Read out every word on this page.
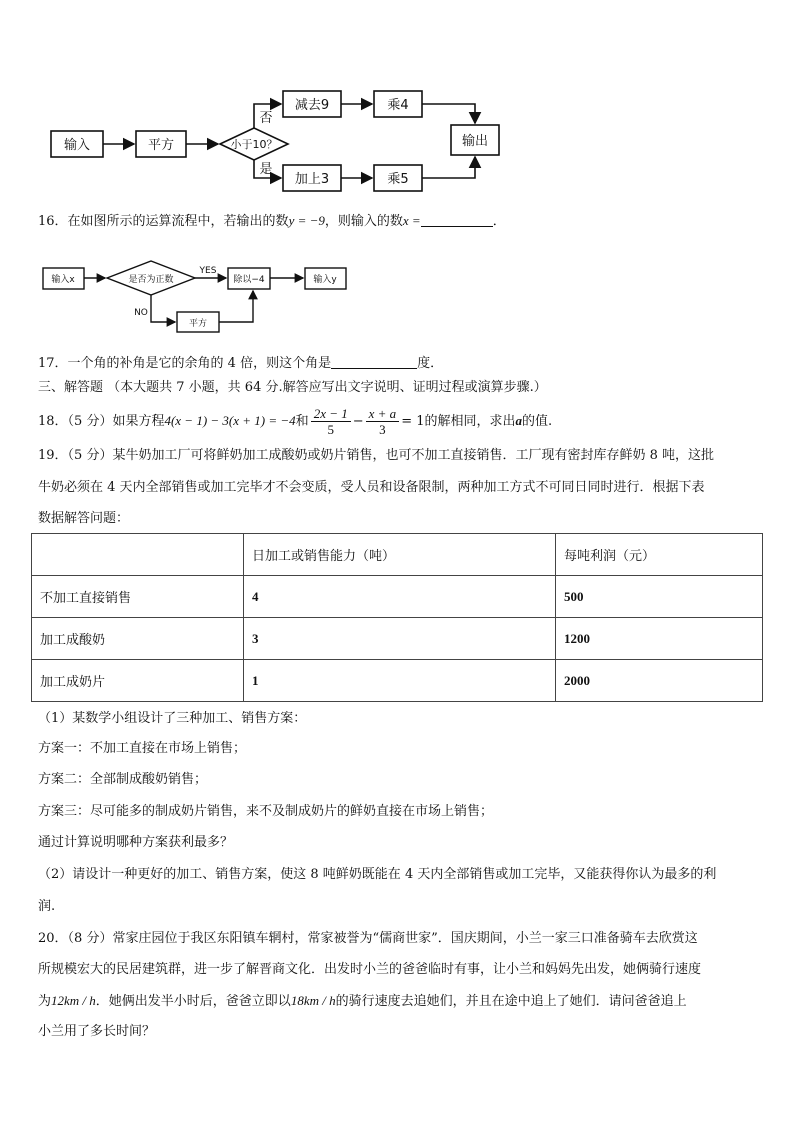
输入	平方	小于10？
否
是
减去9	乘4
加上3	乘5
输出
16．在如图所示的运算流程中，若输出的数y = −9，则输入的数x =	．
输入x	是否为正数
YES
NO
除以−4
平方
输入y
17．一个角的补角是它的余角的 4 倍，则这个角是	度．
三、解答题 （本大题共 7 小题，共 64 分.解答应写出文字说明、证明过程或演算步骤.）
18．（5 分）如果方程4(x − 1) − 3(x + 1) = −4和 $\frac{2x - 1}{5} - \frac{x + a}{3} = 1$的解相同，求出a的值.
19．（5 分）某牛奶加工厂可将鲜奶加工成酸奶或奶片销售，也可不加工直接销售．工厂现有密封库存鲜奶 8 吨，这批
牛奶必须在 4 天内全部销售或加工完毕才不会变质，受人员和设备限制，两种加工方式不可同日同时进行．根据下表
数据解答问题：
	日加工或销售能力（吨）	每吨利润（元）
不加工直接销售	4	500
加工成酸奶	3	1200
加工成奶片	1	2000
（1）某数学小组设计了三种加工、销售方案：
方案一：不加工直接在市场上销售；
方案二：全部制成酸奶销售；
方案三：尽可能多的制成奶片销售，来不及制成奶片的鲜奶直接在市场上销售；
通过计算说明哪种方案获利最多？
（2）请设计一种更好的加工、销售方案，使这 8 吨鲜奶既能在 4 天内全部销售或加工完毕，又能获得你认为最多的利
润.
20．（8 分）常家庄园位于我区东阳镇车辋村，常家被誉为“儒商世家”．国庆期间，小兰一家三口准备骑车去欣赏这
所规模宏大的民居建筑群，进一步了解晋商文化．出发时小兰的爸爸临时有事，让小兰和妈妈先出发，她俩骑行速度
为12km / h．她俩出发半小时后，爸爸立即以18km / h的骑行速度去追她们，并且在途中追上了她们．请问爸爸追上
小兰用了多长时间？
